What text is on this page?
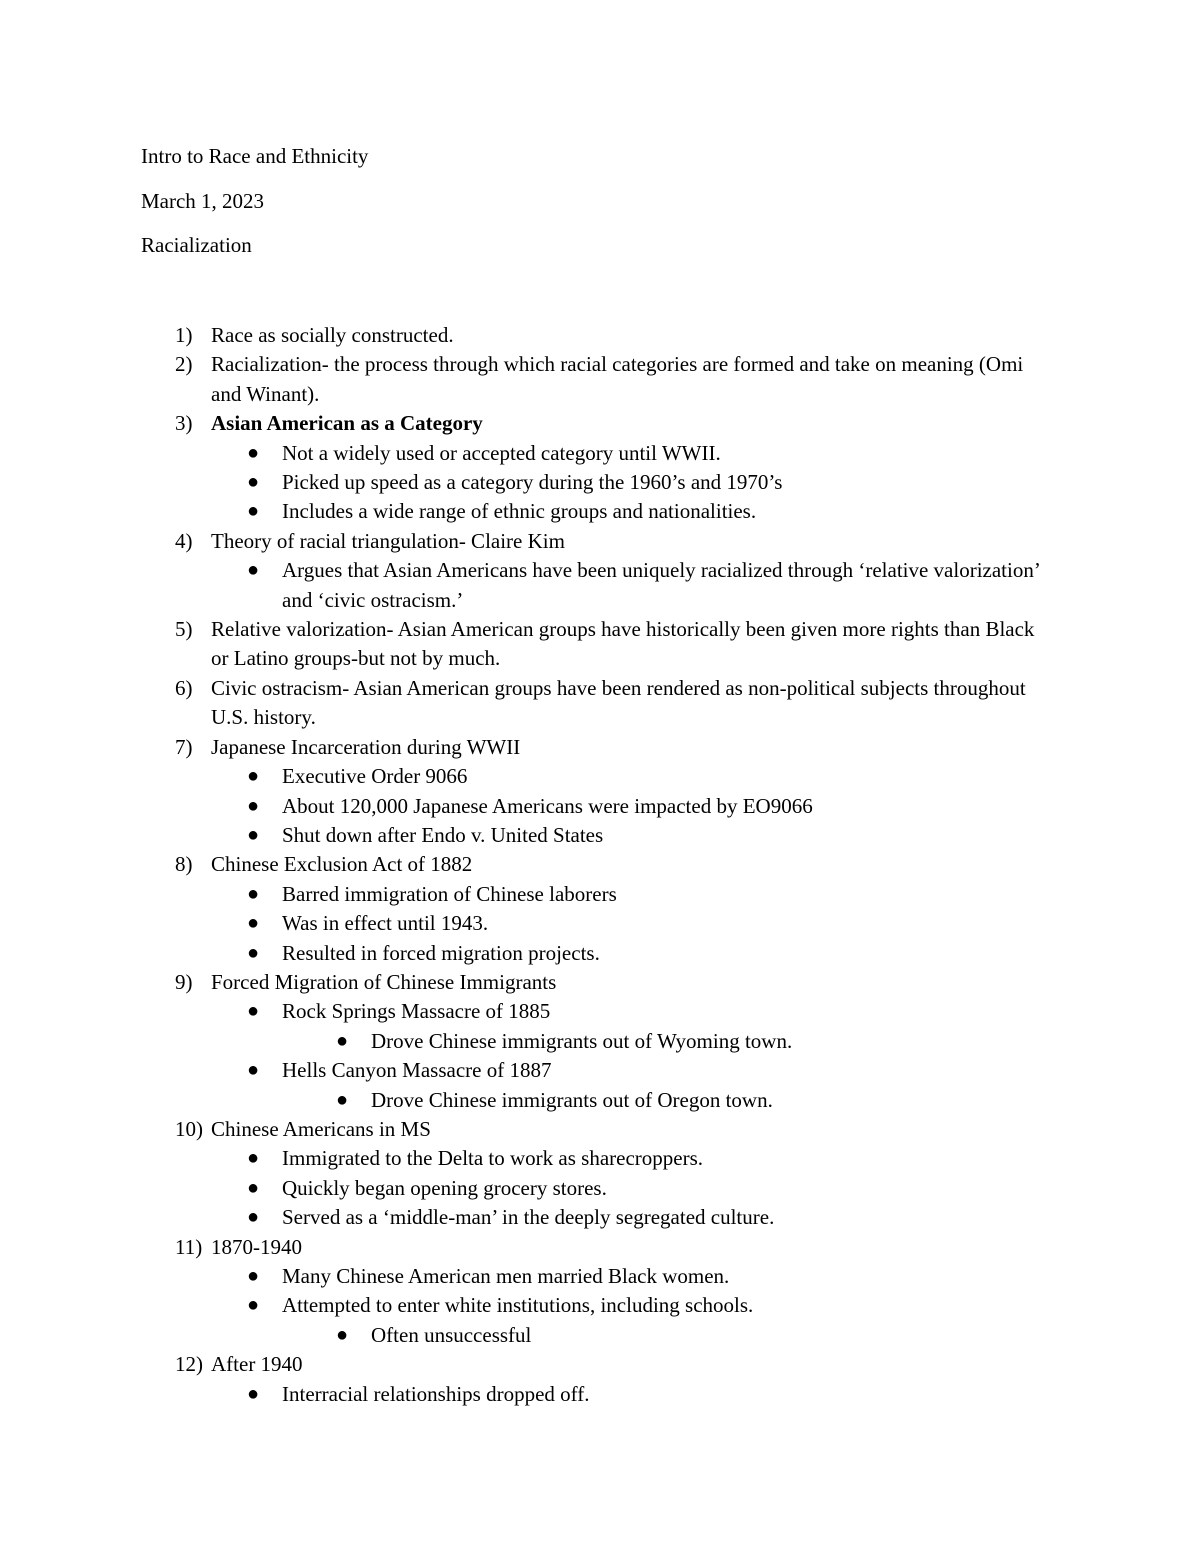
Intro to Race and Ethnicity
March 1, 2023
Racialization
1) Race as socially constructed.
2) Racialization- the process through which racial categories are formed and take on meaning (Omi and Winant).
3) Asian American as a Category
● Not a widely used or accepted category until WWII.
● Picked up speed as a category during the 1960’s and 1970’s
● Includes a wide range of ethnic groups and nationalities.
4) Theory of racial triangulation- Claire Kim
● Argues that Asian Americans have been uniquely racialized through ‘relative valorization’ and ‘civic ostracism.’
5) Relative valorization- Asian American groups have historically been given more rights than Black or Latino groups-but not by much.
6) Civic ostracism- Asian American groups have been rendered as non-political subjects throughout U.S. history.
7) Japanese Incarceration during WWII
● Executive Order 9066
● About 120,000 Japanese Americans were impacted by EO9066
● Shut down after Endo v. United States
8) Chinese Exclusion Act of 1882
● Barred immigration of Chinese laborers
● Was in effect until 1943.
● Resulted in forced migration projects.
9) Forced Migration of Chinese Immigrants
● Rock Springs Massacre of 1885
● Drove Chinese immigrants out of Wyoming town.
● Hells Canyon Massacre of 1887
● Drove Chinese immigrants out of Oregon town.
10) Chinese Americans in MS
● Immigrated to the Delta to work as sharecroppers.
● Quickly began opening grocery stores.
● Served as a ‘middle-man’ in the deeply segregated culture.
11) 1870-1940
● Many Chinese American men married Black women.
● Attempted to enter white institutions, including schools.
● Often unsuccessful
12) After 1940
● Interracial relationships dropped off.
